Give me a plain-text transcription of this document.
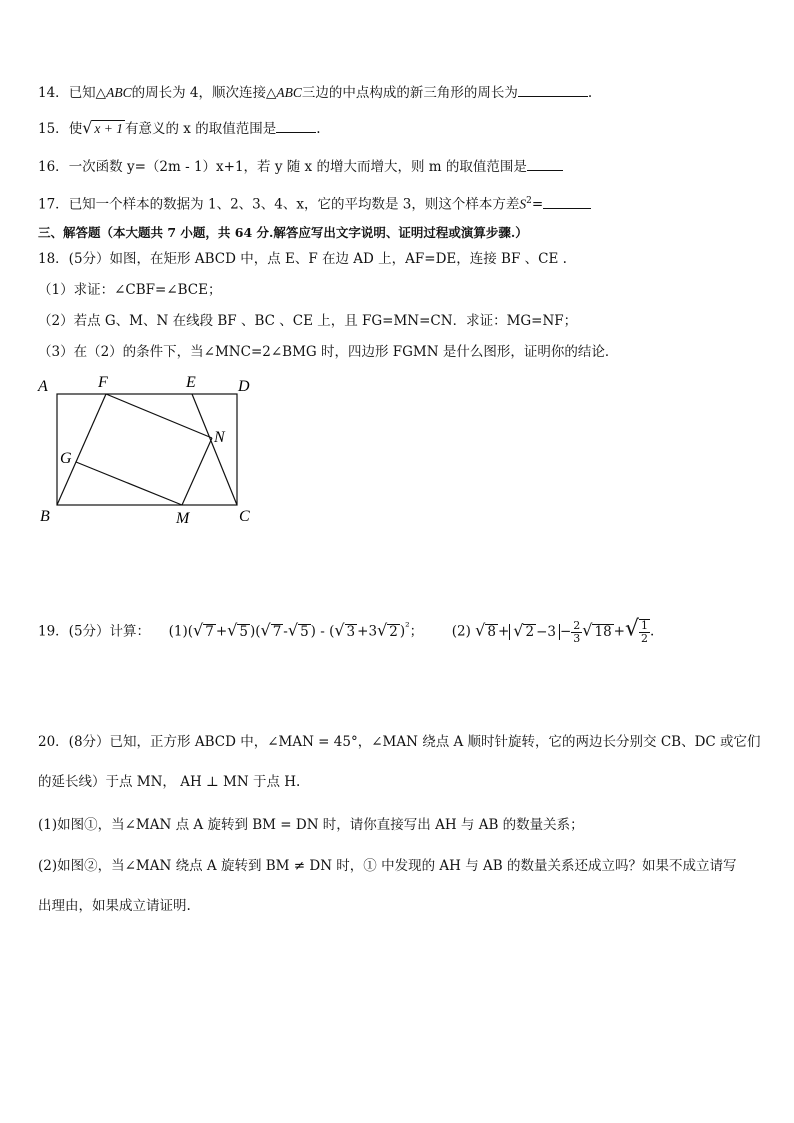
14．已知△ABC的周长为 4，顺次连接△ABC三边的中点构成的新三角形的周长为	.
15．使√ x + 1 有意义的 x 的取值范围是	.
16．一次函数 y=（2m - 1）x+1，若 y 随 x 的增大而增大，则 m 的取值范围是
17．已知一个样本的数据为 1、2、3、4、x，它的平均数是 3，则这个样本方差$S^2=$
三、解答题（本大题共 7 小题，共 64 分.解答应写出文字说明、证明过程或演算步骤.）
18．(5分）如图，在矩形 ABCD 中，点 E、F 在边 AD 上，AF=DE，连接 BF 、CE .
（1）求证：∠CBF=∠BCE；
（2）若点 G、M、N 在线段 BF 、BC 、CE 上，且 FG=MN=CN．求证：MG=NF；
（3）在（2）的条件下，当∠MNC=2∠BMG 时，四边形 FGMN 是什么图形，证明你的结论．
A	F	E	D
N
G
B	M	C
19．(5分）计算： (1)(√ 7 +√ 5 )(√ 7 -√ 5 ) - (√ 3 +3√ 2 )$^{^2}$； (2) √ 8 + √ $2 -3 - \frac{2}{3}$ √ 18 +√ $\frac{1}{2}$ .
20．(8分）已知，正方形 ABCD 中，∠MAN = 45°，∠MAN 绕点 A 顺时针旋转，它的两边长分别交 CB、DC 或它们
的延长线）于点 MN， AH ⊥ MN 于点 H.
(1)如图①，当∠MAN 点 A 旋转到 BM = DN 时，请你直接写出 AH 与 AB 的数量关系；
(2)如图②，当∠MAN 绕点 A 旋转到 BM ≠ DN 时，① 中发现的 AH 与 AB 的数量关系还成立吗？如果不成立请写
出理由，如果成立请证明.
